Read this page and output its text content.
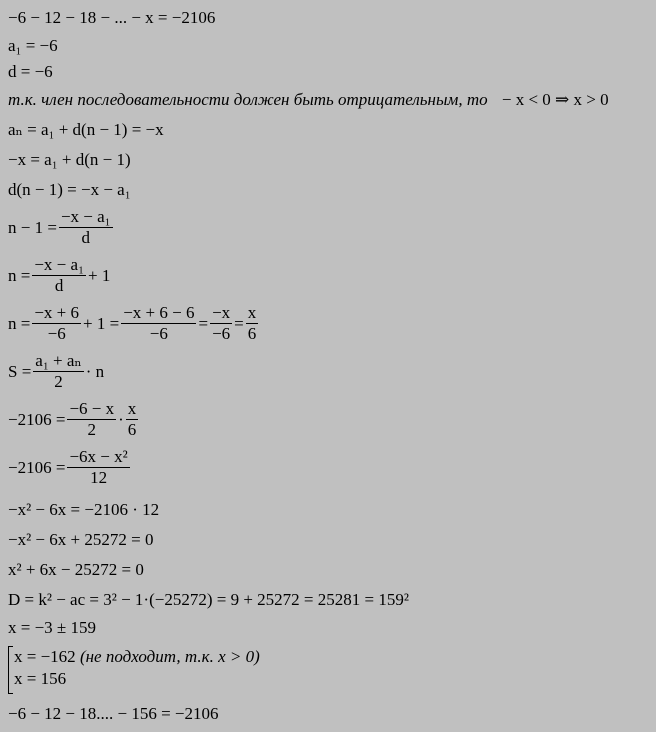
−6 − 12 − 18 − ... − x = −2106
a₁ = −6
d = −6
т.к. член последовательности должен быть отрицательным, то − x < 0 ⇒ x > 0
aₙ = a₁ + d(n − 1) = −x
−x = a₁ + d(n − 1)
d(n − 1) = −x − a₁
$n - 1 = \frac{\text{−x − a₁}}{d}$
$n = \frac{\text{−x − a₁}}{d} + 1$
$n = \frac{-x + 6}{-6} + 1 = \frac{-x + 6 - 6}{-6} = \frac{-x}{-6} = \frac{x}{6}$
$S = \frac{\text{a₁ + aₙ}}{2} \cdot n$
$-2106 = \frac{-6 - x}{2} \cdot \frac{x}{6}$
$-2106 = \frac{\text{−6x − x²}}{12}$
−x² − 6x = −2106 · 12
−x² − 6x + 25272 = 0
x² + 6x − 25272 = 0
D = k² − ac = 3² − 1·(−25272) = 9 + 25272 = 25281 = 159²
x = −3 ± 159
x = −162 (не подходит, т.к. x > 0)
x = 156
−6 − 12 − 18.... − 156 = −2106
